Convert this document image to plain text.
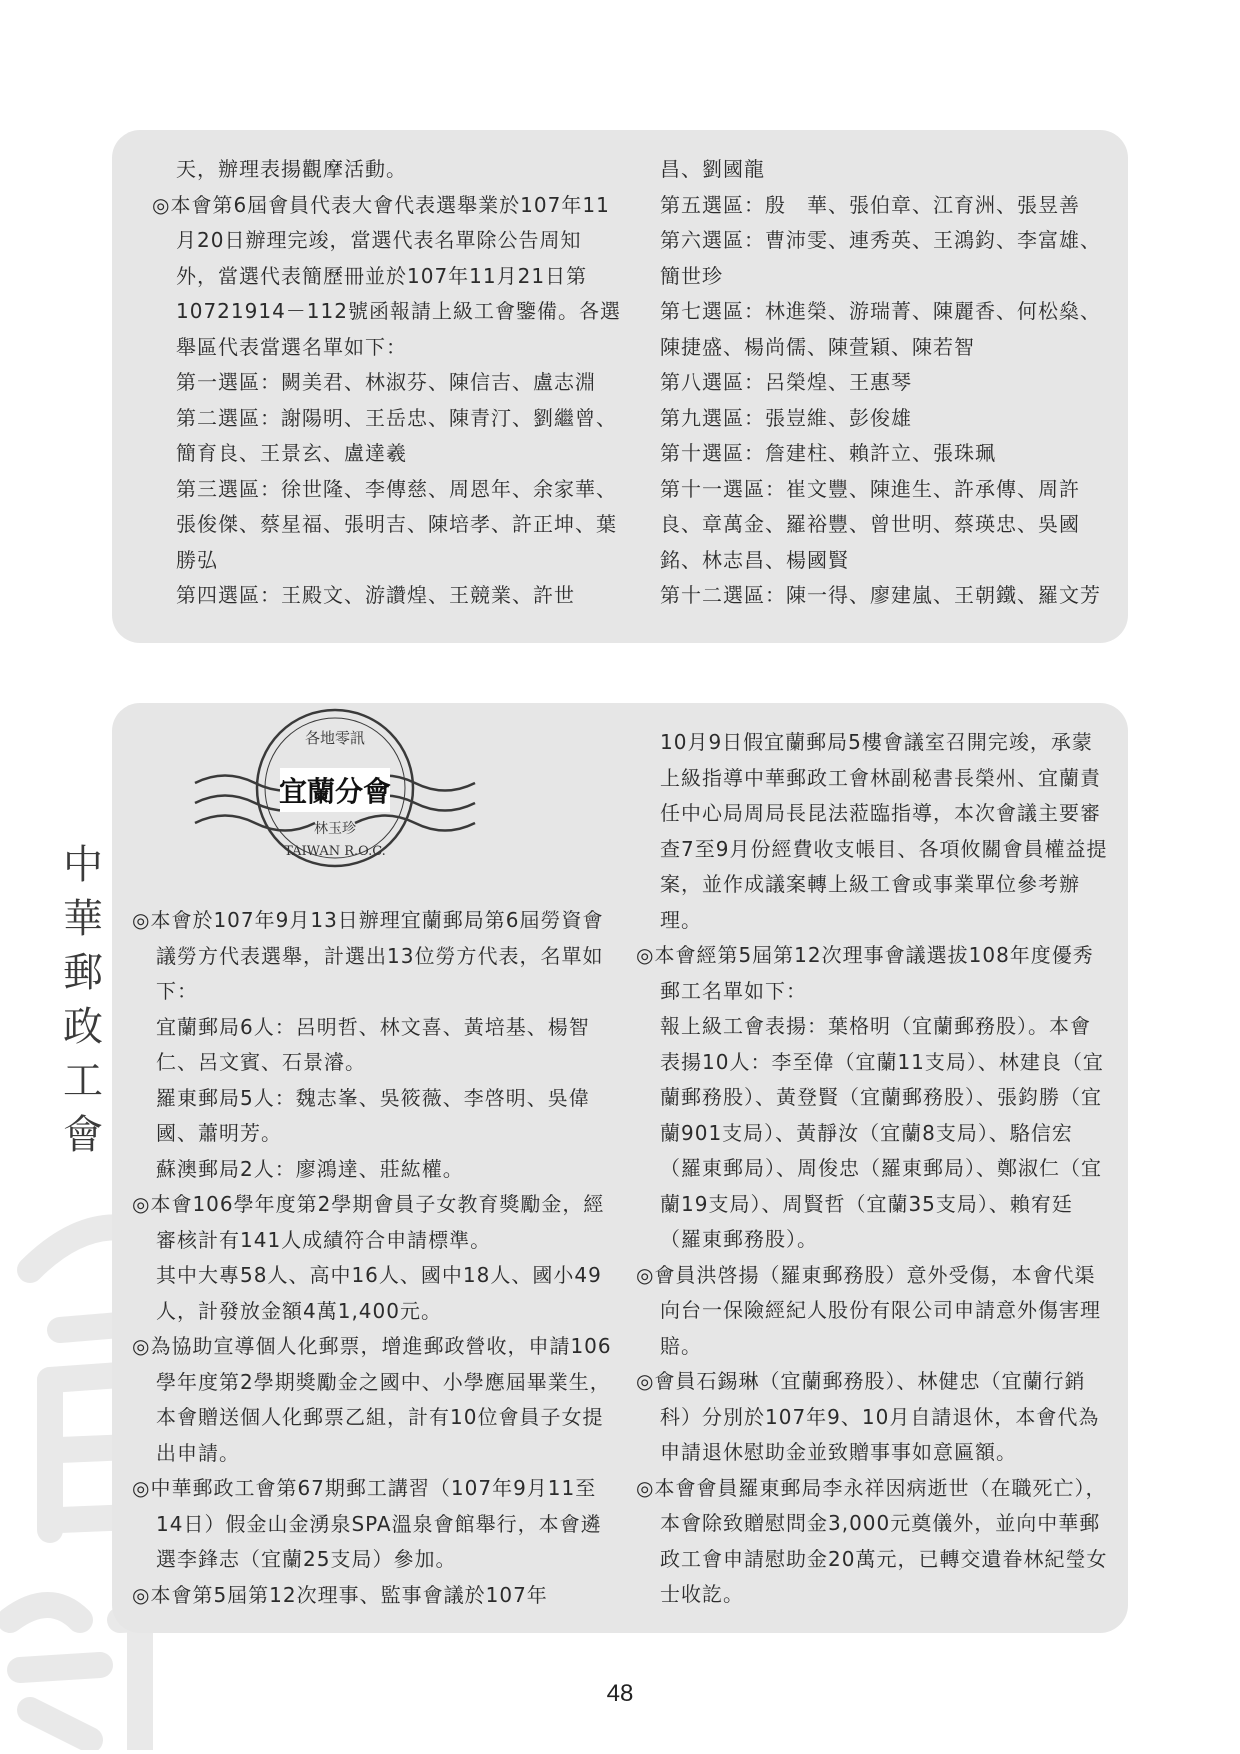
天，辦理表揚觀摩活動。

◎本會第6屆會員代表大會代表選舉業於107年11月20日辦理完竣，當選代表名單除公告周知外，當選代表簡歷冊並於107年11月21日第10721914－112號函報請上級工會鑒備。各選舉區代表當選名單如下：

第一選區：闕美君、林淑芬、陳信吉、盧志淵

第二選區：謝陽明、王岳忠、陳青汀、劉繼曾、簡育良、王景玄、盧達羲

第三選區：徐世隆、李傳慈、周恩年、余家華、張俊傑、蔡星福、張明吉、陳培孝、許正坤、葉勝弘

第四選區：王殿文、游讚煌、王競業、許世

昌、劉國龍

第五選區：殷　華、張伯章、江育洲、張昱善

第六選區：曹沛雯、連秀英、王鴻鈞、李富雄、簡世珍

第七選區：林進榮、游瑞菁、陳麗香、何松燊、陳捷盛、楊尚儒、陳萱穎、陳若智

第八選區：呂榮煌、王惠琴

第九選區：張豈維、彭俊雄

第十選區：詹建柱、賴許立、張珠珮

第十一選區：崔文豐、陳進生、許承傳、周許良、章萬金、羅裕豐、曾世明、蔡瑛忠、吳國銘、林志昌、楊國賢

第十二選區：陳一得、廖建嵐、王朝鐵、羅文芳

◎本會於107年9月13日辦理宜蘭郵局第6屆勞資會議勞方代表選舉，計選出13位勞方代表，名單如下：

宜蘭郵局6人：呂明哲、林文喜、黃培基、楊智仁、呂文賓、石景濬。

羅東郵局5人：魏志峯、吳筱薇、李啓明、吳偉國、蕭明芳。

蘇澳郵局2人：廖鴻達、莊紘權。

◎本會106學年度第2學期會員子女教育獎勵金，經審核計有141人成績符合申請標準。

其中大專58人、高中16人、國中18人、國小49人，計發放金額4萬1,400元。

◎為協助宣導個人化郵票，增進郵政營收，申請106學年度第2學期獎勵金之國中、小學應屆畢業生，本會贈送個人化郵票乙組，計有10位會員子女提出申請。

◎中華郵政工會第67期郵工講習（107年9月11至14日）假金山金湧泉SPA溫泉會館舉行，本會遴選李鋒志（宜蘭25支局）參加。

◎本會第5屆第12次理事、監事會議於107年

10月9日假宜蘭郵局5樓會議室召開完竣，承蒙上級指導中華郵政工會林副秘書長榮州、宜蘭責任中心局周局長昆法蒞臨指導，本次會議主要審查7至9月份經費收支帳目、各項攸關會員權益提案，並作成議案轉上級工會或事業單位參考辦理。

◎本會經第5屆第12次理事會議選拔108年度優秀郵工名單如下：

報上級工會表揚：葉格明（宜蘭郵務股）。本會表揚10人：李至偉（宜蘭11支局）、林建良（宜蘭郵務股）、黃登賢（宜蘭郵務股）、張鈞勝（宜蘭901支局）、黃靜汝（宜蘭8支局）、駱信宏（羅東郵局）、周俊忠（羅東郵局）、鄭淑仁（宜蘭19支局）、周賢哲（宜蘭35支局）、賴宥廷（羅東郵務股）。

◎會員洪啓揚（羅東郵務股）意外受傷，本會代渠向台一保險經紀人股份有限公司申請意外傷害理賠。

◎會員石錫琳（宜蘭郵務股）、林健忠（宜蘭行銷科）分別於107年9、10月自請退休，本會代為申請退休慰助金並致贈事事如意匾額。

◎本會會員羅東郵局李永祥因病逝世（在職死亡），本會除致贈慰問金3,000元奠儀外，並向中華郵政工會申請慰助金20萬元，已轉交遺眷林紀瑩女士收訖。

各地零訊
宜蘭分會
林玉珍
TAIWAN R.O.C.
中
華
郵
政
工
會
48
